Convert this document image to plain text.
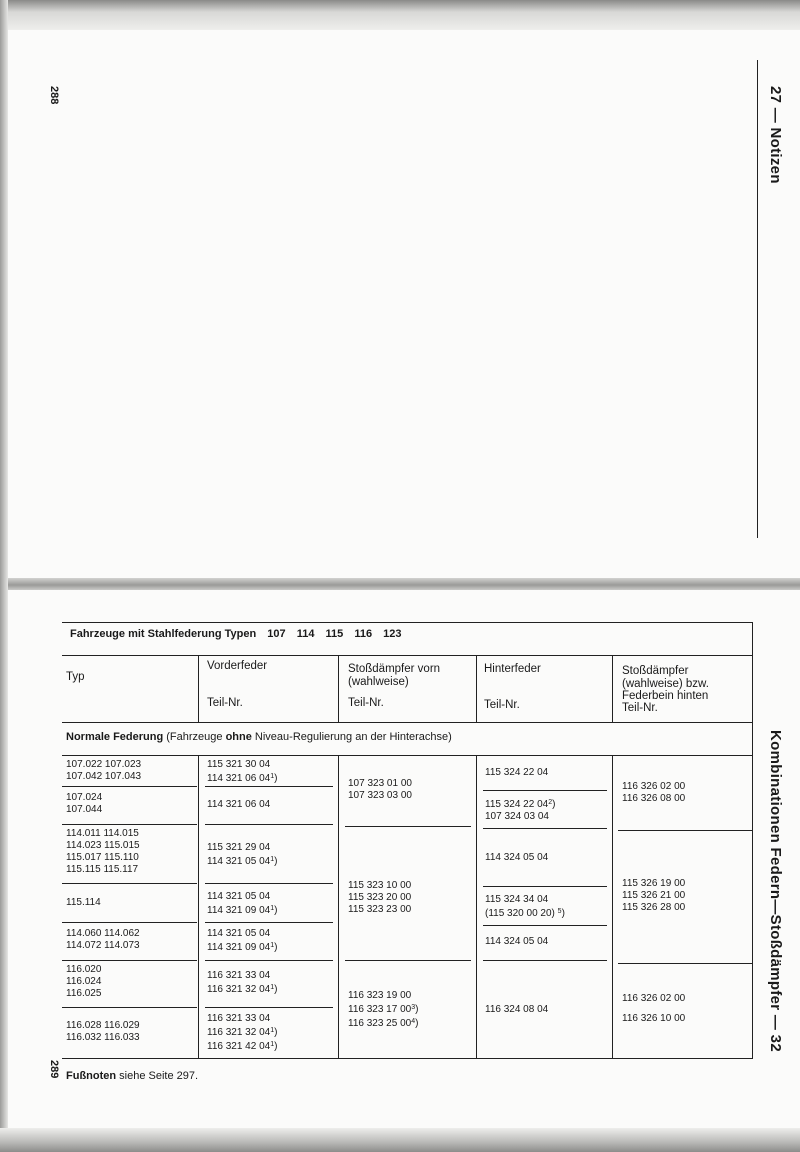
288	27 — Notizen
Kombinationen Federn—Stoßdämpfer — 32
289
Fahrzeuge mit Stahlfederung Typen 107 114 115 116 123
Typ
Vorderfeder
Teil-Nr.
Stoßdämpfer vorn
(wahlweise)
Teil-Nr.
Hinterfeder
Teil-Nr.
Stoßdämpfer
(wahlweise) bzw.
Federbein hinten
Teil-Nr.
Normale Federung (Fahrzeuge ohne Niveau-Regulierung an der Hinterachse)
107.022 107.023
107.042 107.043
107.024
107.044
114.011 114.015
114.023 115.015
115.017 115.110
115.115 115.117
115.114
114.060 114.062
114.072 114.073
116.020
116.024
116.025
116.028 116.029
116.032 116.033
115 321 30 04
114 321 06 $04^1$)
114 321 06 04
115 321 29 04
114 321 05 $04^1$)
114 321 05 04
114 321 09 $04^1$)
114 321 05 04
114 321 09 $04^1$)
116 321 33 04
116 321 32 $04^1$)
116 321 33 04
116 321 32 $04^1$)
116 321 42 $04^1$)
107 323 01 00
107 323 03 00
115 323 10 00
115 323 20 00
115 323 23 00
116 323 19 00
116 323 17 $00^3$)
116 323 25 $00^4$)
115 324 22 04
115 324 22 $04^2$)
107 324 03 04
114 324 05 04
115 324 34 04
(115 320 00 20) $^5$)
114 324 05 04
116 324 08 04
116 326 02 00
116 326 08 00
115 326 19 00
115 326 21 00
115 326 28 00
116 326 02 00
116 326 10 00
Fußnoten siehe Seite 297.
